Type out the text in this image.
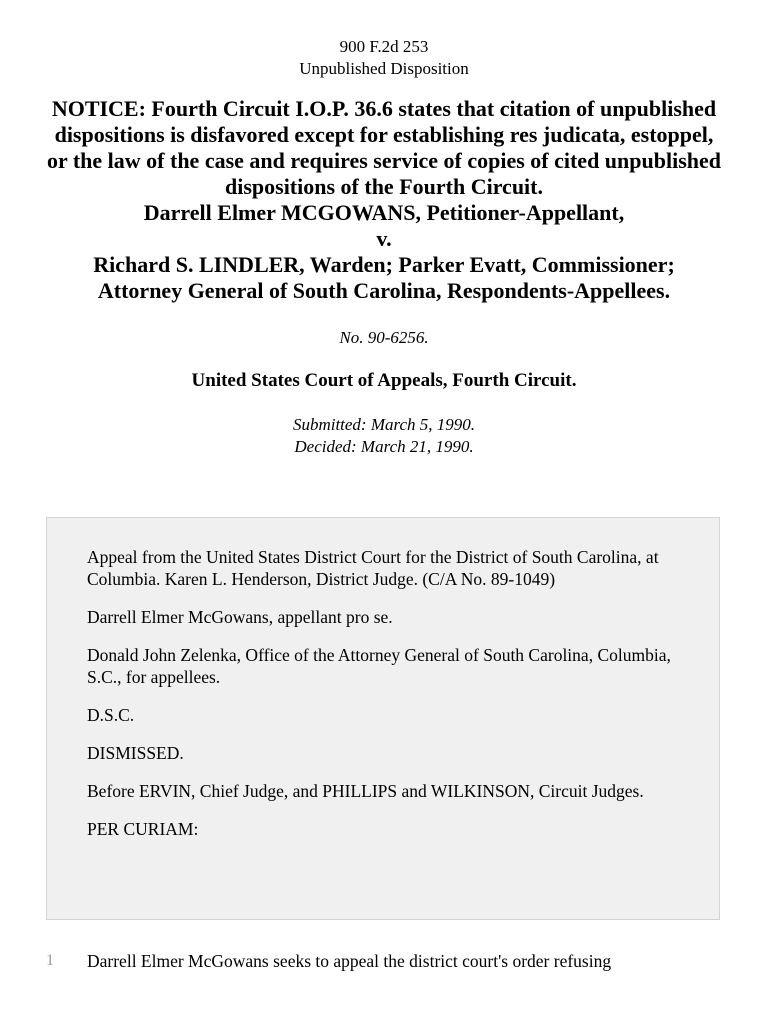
900 F.2d 253
Unpublished Disposition
NOTICE: Fourth Circuit I.O.P. 36.6 states that citation of unpublished dispositions is disfavored except for establishing res judicata, estoppel, or the law of the case and requires service of copies of cited unpublished dispositions of the Fourth Circuit.
Darrell Elmer MCGOWANS, Petitioner-Appellant,
v.
Richard S. LINDLER, Warden; Parker Evatt, Commissioner;
Attorney General of South Carolina, Respondents-Appellees.
No. 90-6256.
United States Court of Appeals, Fourth Circuit.
Submitted: March 5, 1990.
Decided: March 21, 1990.

Appeal from the United States District Court for the District of South Carolina, at Columbia. Karen L. Henderson, District Judge. (C/A No. 89-1049)

Darrell Elmer McGowans, appellant pro se.

Donald John Zelenka, Office of the Attorney General of South Carolina, Columbia, S.C., for appellees.

D.S.C.

DISMISSED.

Before ERVIN, Chief Judge, and PHILLIPS and WILKINSON, Circuit Judges.

PER CURIAM:

1 Darrell Elmer McGowans seeks to appeal the district court's order refusing
